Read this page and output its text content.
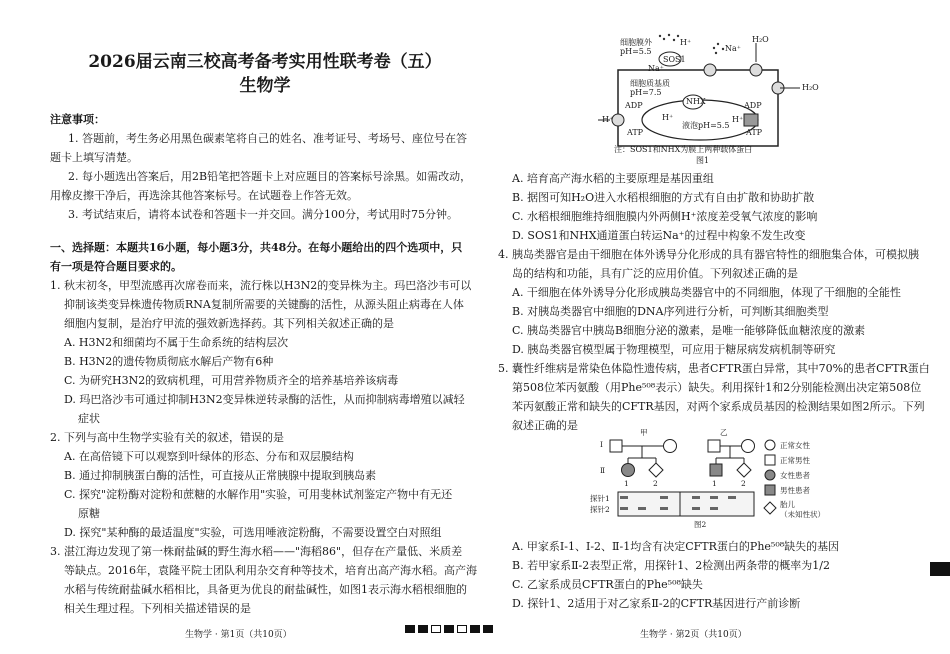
2026届云南三校高考备考实用性联考卷（五）
生物学
注意事项：
1. 答题前，考生务必用黑色碳素笔将自己的姓名、准考证号、考场号、座位号在答
题卡上填写清楚。
2. 每小题选出答案后，用2B铅笔把答题卡上对应题目的答案标号涂黑。如需改动，
用橡皮擦干净后，再选涂其他答案标号。在试题卷上作答无效。
3. 考试结束后，请将本试卷和答题卡一并交回。满分100分，考试用时75分钟。
一、选择题：本题共16小题，每小题3分，共48分。在每小题给出的四个选项中，只
有一项是符合题目要求的。
1. 秋末初冬，甲型流感再次席卷而来，流行株以H3N2的变异株为主。玛巴洛沙韦可以
抑制该类变异株遗传物质RNA复制所需要的关键酶的活性，从源头阻止病毒在人体
细胞内复制，是治疗甲流的强效新选择药。其下列相关叙述正确的是
A. H3N2和细菌均不属于生命系统的结构层次
B. H3N2的遗传物质彻底水解后产物有6种
C. 为研究H3N2的致病机理，可用营养物质齐全的培养基培养该病毒
D. 玛巴洛沙韦可通过抑制H3N2变异株逆转录酶的活性，从而抑制病毒增殖以减轻
症状
2. 下列与高中生物学实验有关的叙述，错误的是
A. 在高倍镜下可以观察到叶绿体的形态、分布和双层膜结构
B. 通过抑制胰蛋白酶的活性，可直接从正常胰腺中提取到胰岛素
C. 探究"淀粉酶对淀粉和蔗糖的水解作用"实验，可用斐林试剂鉴定产物中有无还
原糖
D. 探究"某种酶的最适温度"实验，可选用唾液淀粉酶，不需要设置空白对照组
3. 湛江海边发现了第一株耐盐碱的野生海水稻——"海稻86"，但存在产量低、米质差
等缺点。2016年，袁隆平院士团队利用杂交育种等技术，培育出高产海水稻。高产海
水稻与传统耐盐碱水稻相比，具备更为优良的耐盐碱性，如图1表示海水稻根细胞的
相关生理过程。下列相关描述错误的是
生物学 · 第1页（共10页）
细胞膜外
pH=5.5
SOS1
H⁺
Na⁺
Na⁺
H₂O
H₂O
细胞质基质
pH=7.5
NHX
液泡pH=5.5
ADP
ATP
H⁺
ADP
ATP
H⁺
H⁺
注：SOS1和NHX为膜上两种载体蛋白
图1
A. 培育高产海水稻的主要原理是基因重组
B. 据图可知H₂O进入水稻根细胞的方式有自由扩散和协助扩散
C. 水稻根细胞维持细胞膜内外两侧H⁺浓度差受氧气浓度的影响
D. SOS1和NHX通道蛋白转运Na⁺的过程中构象不发生改变
4. 胰岛类器官是由干细胞在体外诱导分化形成的具有器官特性的细胞集合体，可模拟胰
岛的结构和功能，具有广泛的应用价值。下列叙述正确的是
A. 干细胞在体外诱导分化形成胰岛类器官中的不同细胞，体现了干细胞的全能性
B. 对胰岛类器官中细胞的DNA序列进行分析，可判断其细胞类型
C. 胰岛类器官中胰岛B细胞分泌的激素，是唯一能够降低血糖浓度的激素
D. 胰岛类器官模型属于物理模型，可应用于糖尿病发病机制等研究
5. 囊性纤维病是常染色体隐性遗传病，患者CFTR蛋白异常，其中70%的患者CFTR蛋白
第508位苯丙氨酸（用Phe⁵⁰⁸表示）缺失。利用探针1和2分别能检测出决定第508位
苯丙氨酸正常和缺失的CFTR基因，对两个家系成员基因的检测结果如图2所示。下列
叙述正确的是
甲	乙
Ⅰ
Ⅱ
1	2	1	2
探针1
探针2
正常女性
正常男性
女性患者
男性患者
胎儿
（未知性状）
图2
A. 甲家系Ⅰ-1、Ⅰ-2、Ⅱ-1均含有决定CFTR蛋白的Phe⁵⁰⁸缺失的基因
B. 若甲家系Ⅱ-2表型正常，用探针1、2检测出两条带的概率为1/2
C. 乙家系成员CFTR蛋白的Phe⁵⁰⁸缺失
D. 探针1、2适用于对乙家系Ⅱ-2的CFTR基因进行产前诊断
生物学 · 第2页（共10页）
